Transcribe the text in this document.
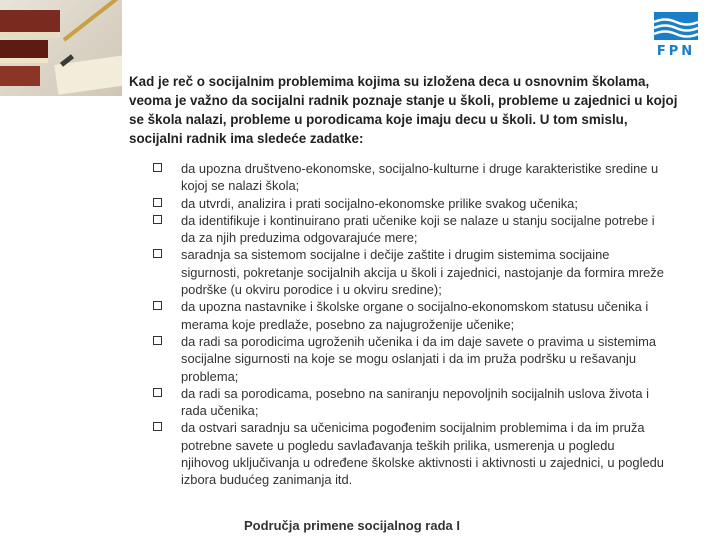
FPN
Kad je reč o socijalnim problemima kojima su izložena deca u osnovnim školama,
veoma je važno da socijalni radnik poznaje stanje u školi, probleme u zajednici u kojoj
se škola nalazi, probleme u porodicama koje imaju decu u školi. U tom smislu,
socijalni radnik ima sledeće zadatke:
da upozna društveno-ekonomske, socijalno-kulturne i druge karakteristike sredine u
kojoj se nalazi škola;
da utvrdi, analizira i prati socijalno-ekonomske prilike svakog učenika;
da identifikuje i kontinuirano prati učenike koji se nalaze u stanju socijalne potrebe i
da za njih preduzima odgovarajuće mere;
saradnja sa sistemom socijalne i dečije zaštite i drugim sistemima socijaine
sigurnosti, pokretanje socijalnih akcija u školi i zajednici, nastojanje da formira mreže
podrške (u okviru porodice i u okviru sredine);
da upozna nastavnike i školske organe o socijalno-ekonomskom statusu učenika i
merama koje predlaže, posebno za najugroženije učenike;
da radi sa porodicima ugroženih učenika i da im daje savete o pravima u sistemima
socijalne sigurnosti na koje se mogu oslanjati i da im pruža podršku u rešavanju
problema;
da radi sa porodicama, posebno na saniranju nepovoljnih socijalnih uslova života i
rada učenika;
da ostvari saradnju sa učenicima pogođenim socijalnim problemima i da im pruža
potrebne savete u pogledu savlađavanja teških prilika, usmerenja u pogledu
njihovog uključivanja u određene školske aktivnosti i aktivnosti u zajednici, u pogledu
izbora budućeg zanimanja itd.
Područja primene socijalnog rada I
